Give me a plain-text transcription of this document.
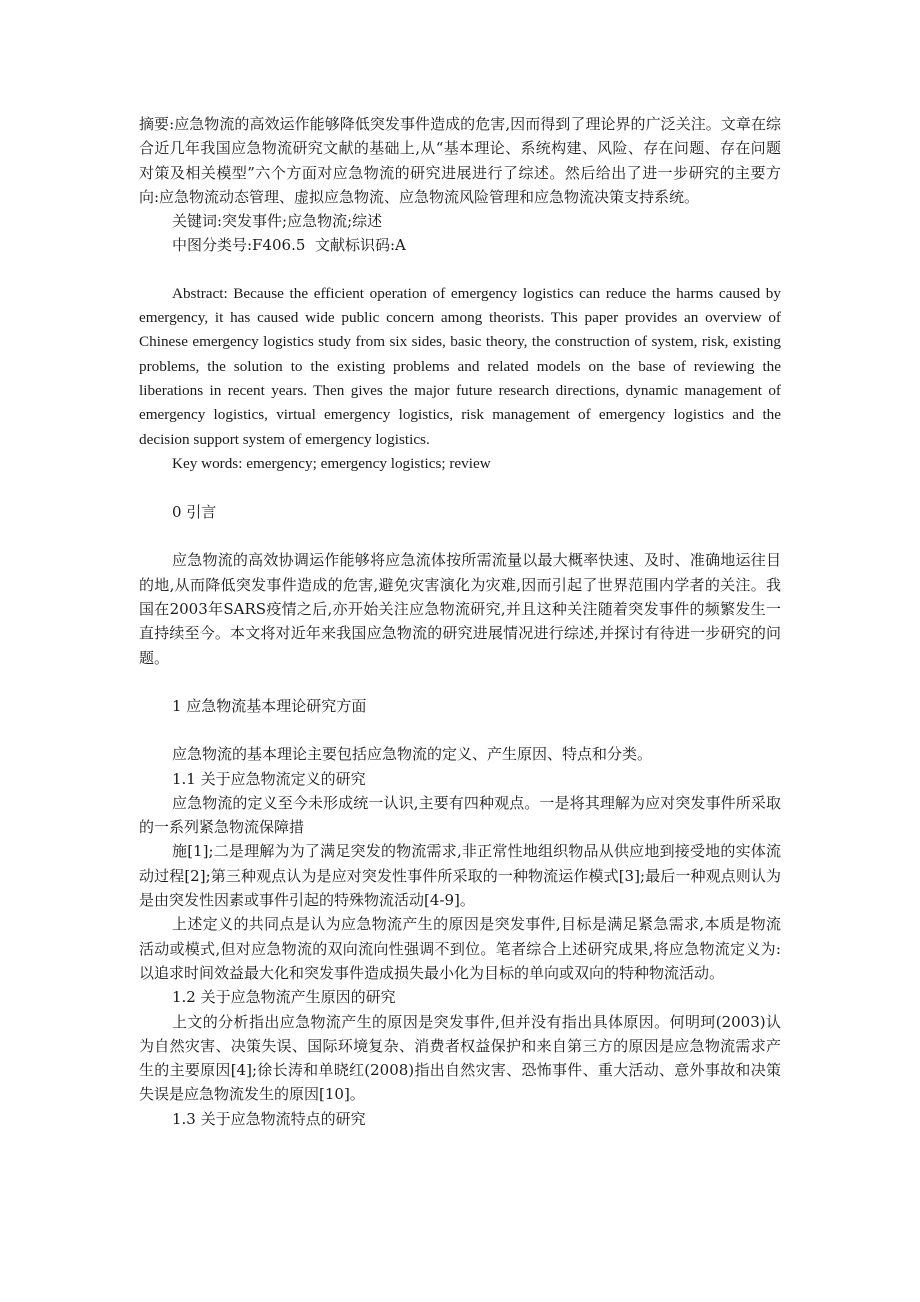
摘要:应急物流的高效运作能够降低突发事件造成的危害,因而得到了理论界的广泛关注。文章在综合近几年我国应急物流研究文献的基础上,从“基本理论、系统构建、风险、存在问题、存在问题对策及相关模型”六个方面对应急物流的研究进展进行了综述。然后给出了进一步研究的主要方向:应急物流动态管理、虚拟应急物流、应急物流风险管理和应急物流决策支持系统。

关键词:突发事件;应急物流;综述

中图分类号:F406.5  文献标识码:A

Abstract: Because the efficient operation of emergency logistics can reduce the harms caused by emergency, it has caused wide public concern among theorists. This paper provides an overview of Chinese emergency logistics study from six sides, basic theory, the construction of system, risk, existing problems, the solution to the existing problems and related models on the base of reviewing the liberations in recent years. Then gives the major future research directions, dynamic management of emergency logistics, virtual emergency logistics, risk management of emergency logistics and the decision support system of emergency logistics.

Key words: emergency; emergency logistics; review

0 引言

应急物流的高效协调运作能够将应急流体按所需流量以最大概率快速、及时、准确地运往目的地,从而降低突发事件造成的危害,避免灾害演化为灾难,因而引起了世界范围内学者的关注。我国在2003年SARS疫情之后,亦开始关注应急物流研究,并且这种关注随着突发事件的频繁发生一直持续至今。本文将对近年来我国应急物流的研究进展情况进行综述,并探讨有待进一步研究的问题。

1 应急物流基本理论研究方面

应急物流的基本理论主要包括应急物流的定义、产生原因、特点和分类。

1.1 关于应急物流定义的研究

应急物流的定义至今未形成统一认识,主要有四种观点。一是将其理解为应对突发事件所采取的一系列紧急物流保障措

施[1];二是理解为为了满足突发的物流需求,非正常性地组织物品从供应地到接受地的实体流动过程[2];第三种观点认为是应对突发性事件所采取的一种物流运作模式[3];最后一种观点则认为是由突发性因素或事件引起的特殊物流活动[4-9]。

上述定义的共同点是认为应急物流产生的原因是突发事件,目标是满足紧急需求,本质是物流活动或模式,但对应急物流的双向流向性强调不到位。笔者综合上述研究成果,将应急物流定义为:以追求时间效益最大化和突发事件造成损失最小化为目标的单向或双向的特种物流活动。

1.2 关于应急物流产生原因的研究

上文的分析指出应急物流产生的原因是突发事件,但并没有指出具体原因。何明珂(2003)认为自然灾害、决策失误、国际环境复杂、消费者权益保护和来自第三方的原因是应急物流需求产生的主要原因[4];徐长涛和单晓红(2008)指出自然灾害、恐怖事件、重大活动、意外事故和决策失误是应急物流发生的原因[10]。

1.3 关于应急物流特点的研究
